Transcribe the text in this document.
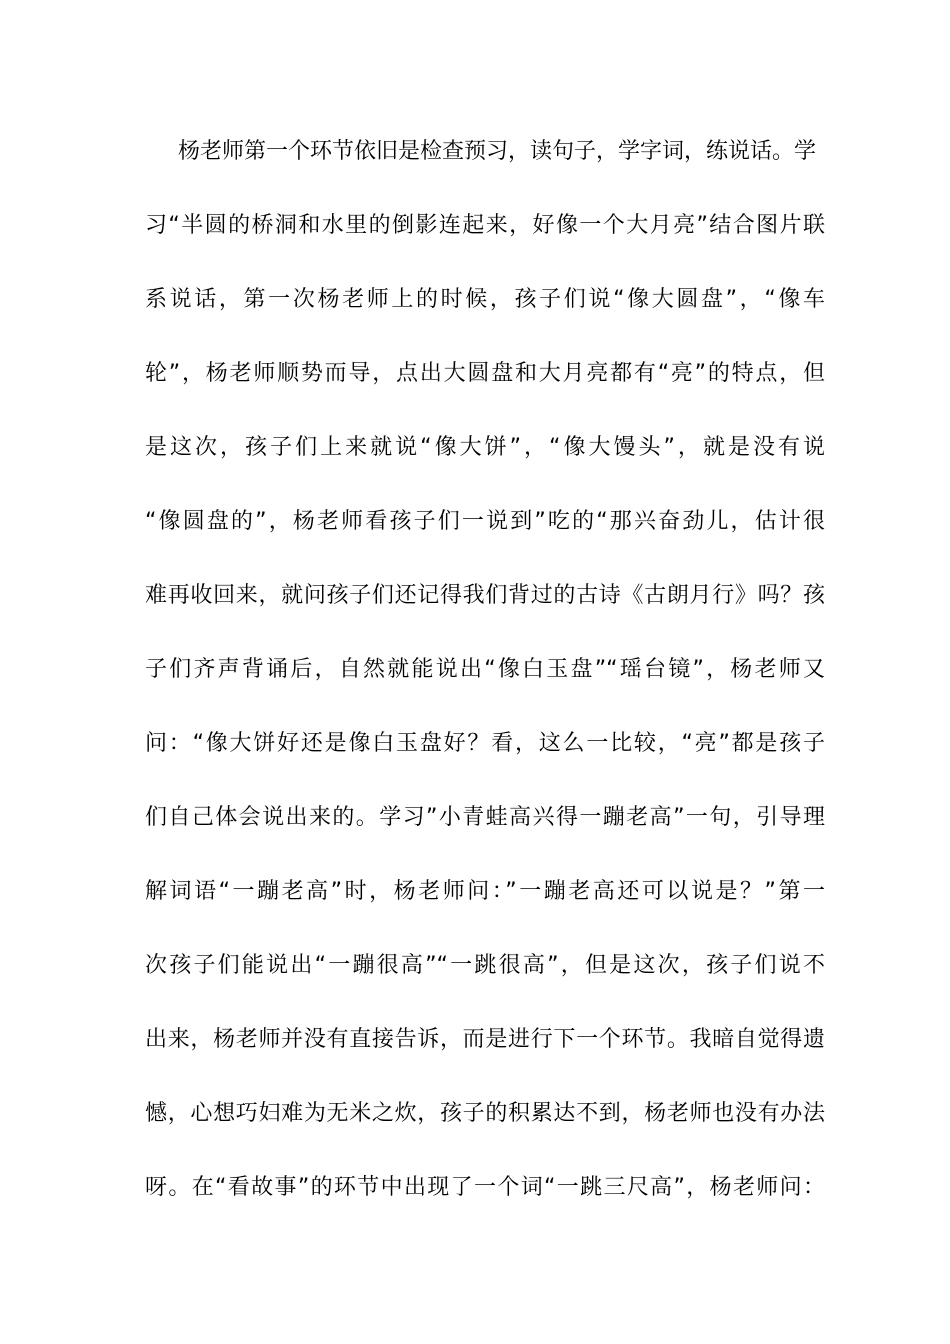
杨老师第一个环节依旧是检查预习，读句子，学字词，练说话。学
习“半圆的桥洞和水里的倒影连起来，好像一个大月亮”结合图片联
系说话，第一次杨老师上的时候，孩子们说“像大圆盘”，“像车
轮”，杨老师顺势而导，点出大圆盘和大月亮都有“亮”的特点，但
是这次，孩子们上来就说“像大饼”，“像大馒头”，就是没有说
“像圆盘的”，杨老师看孩子们一说到”吃的“那兴奋劲儿，估计很
难再收回来，就问孩子们还记得我们背过的古诗《古朗月行》吗？孩
子们齐声背诵后，自然就能说出“像白玉盘”“瑶台镜”，杨老师又
问：“像大饼好还是像白玉盘好？看，这么一比较，“亮”都是孩子
们自己体会说出来的。学习”小青蛙高兴得一蹦老高”一句，引导理
解词语“一蹦老高”时，杨老师问：”一蹦老高还可以说是？”第一
次孩子们能说出“一蹦很高”“一跳很高”，但是这次，孩子们说不
出来，杨老师并没有直接告诉，而是进行下一个环节。我暗自觉得遗
憾，心想巧妇难为无米之炊，孩子的积累达不到，杨老师也没有办法
呀。在“看故事”的环节中出现了一个词“一跳三尺高”，杨老师问：
